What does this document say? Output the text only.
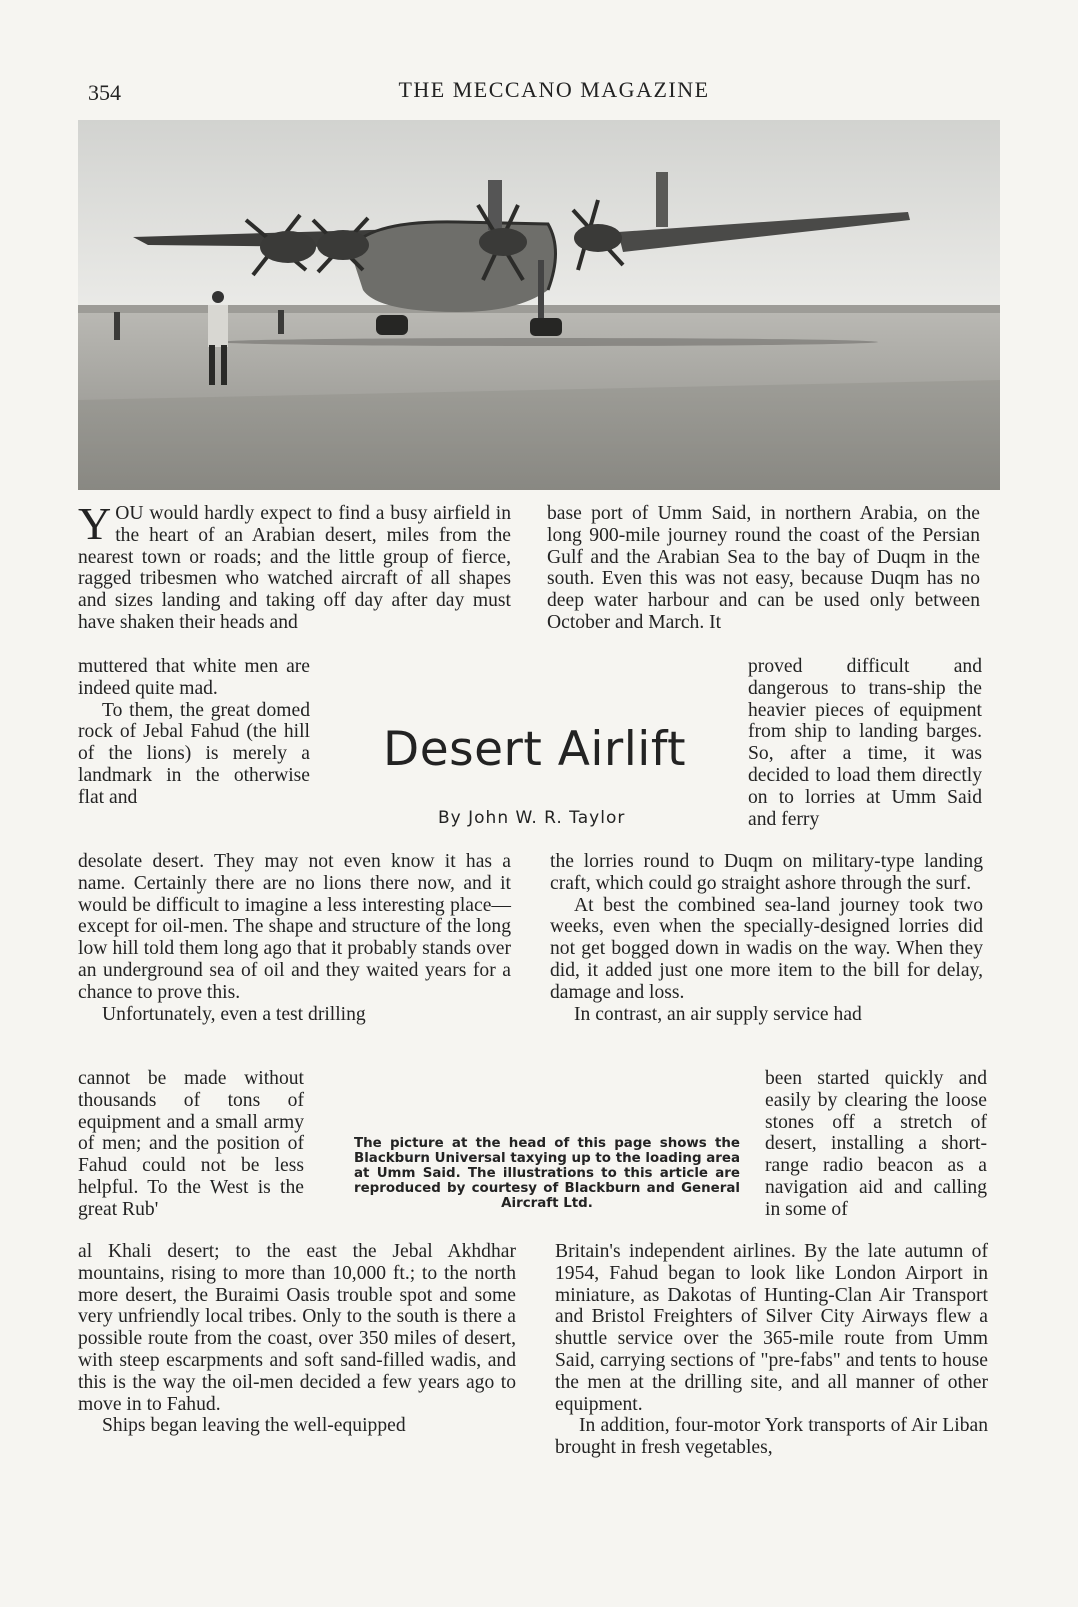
354	THE MECCANO MAGAZINE
Y OU would hardly expect to find a busy airfield in the heart of an Arabian desert, miles from the nearest town or roads; and the little group of fierce, ragged tribesmen who watched aircraft of all shapes and sizes landing and taking off day after day must have shaken their heads and

muttered that white men are indeed quite mad.

To them, the great domed rock of Jebal Fahud (the hill of the lions) is merely a landmark in the otherwise flat and

desolate desert. They may not even know it has a name. Certainly there are no lions there now, and it would be difficult to imagine a less interesting place—except for oil-men. The shape and structure of the long low hill told them long ago that it probably stands over an underground sea of oil and they waited years for a chance to prove this.

Unfortunately, even a test drilling

cannot be made without thousands of tons of equipment and a small army of men; and the position of Fahud could not be less helpful. To the West is the great Rub'

al Khali desert; to the east the Jebal Akhdhar mountains, rising to more than 10,000 ft.; to the north more desert, the Buraimi Oasis trouble spot and some very unfriendly local tribes. Only to the south is there a possible route from the coast, over 350 miles of desert, with steep escarpments and soft sand-filled wadis, and this is the way the oil-men decided a few years ago to move in to Fahud.

Ships began leaving the well-equipped

Desert Airlift
By John W. R. Taylor

base port of Umm Said, in northern Arabia, on the long 900-mile journey round the coast of the Persian Gulf and the Arabian Sea to the bay of Duqm in the south. Even this was not easy, because Duqm has no deep water harbour and can be used only between October and March. It

proved difficult and dangerous to trans-ship the heavier pieces of equipment from ship to landing barges. So, after a time, it was decided to load them directly on to lorries at Umm Said and ferry

the lorries round to Duqm on military-type landing craft, which could go straight ashore through the surf.

At best the combined sea-land journey took two weeks, even when the specially-designed lorries did not get bogged down in wadis on the way. When they did, it added just one more item to the bill for delay, damage and loss.

In contrast, an air supply service had

been started quickly and easily by clearing the loose stones off a stretch of desert, installing a short-range radio beacon as a navigation aid and calling in some of

Britain's independent airlines. By the late autumn of 1954, Fahud began to look like London Airport in miniature, as Dakotas of Hunting-Clan Air Transport and Bristol Freighters of Silver City Airways flew a shuttle service over the 365-mile route from Umm Said, carrying sections of "pre-fabs" and tents to house the men at the drilling site, and all manner of other equipment.

In addition, four-motor York transports of Air Liban brought in fresh vegetables,

The picture at the head of this page shows the Blackburn Universal taxying up to the loading area at Umm Said. The illustrations to this article are reproduced by courtesy of Blackburn and General Aircraft Ltd.
